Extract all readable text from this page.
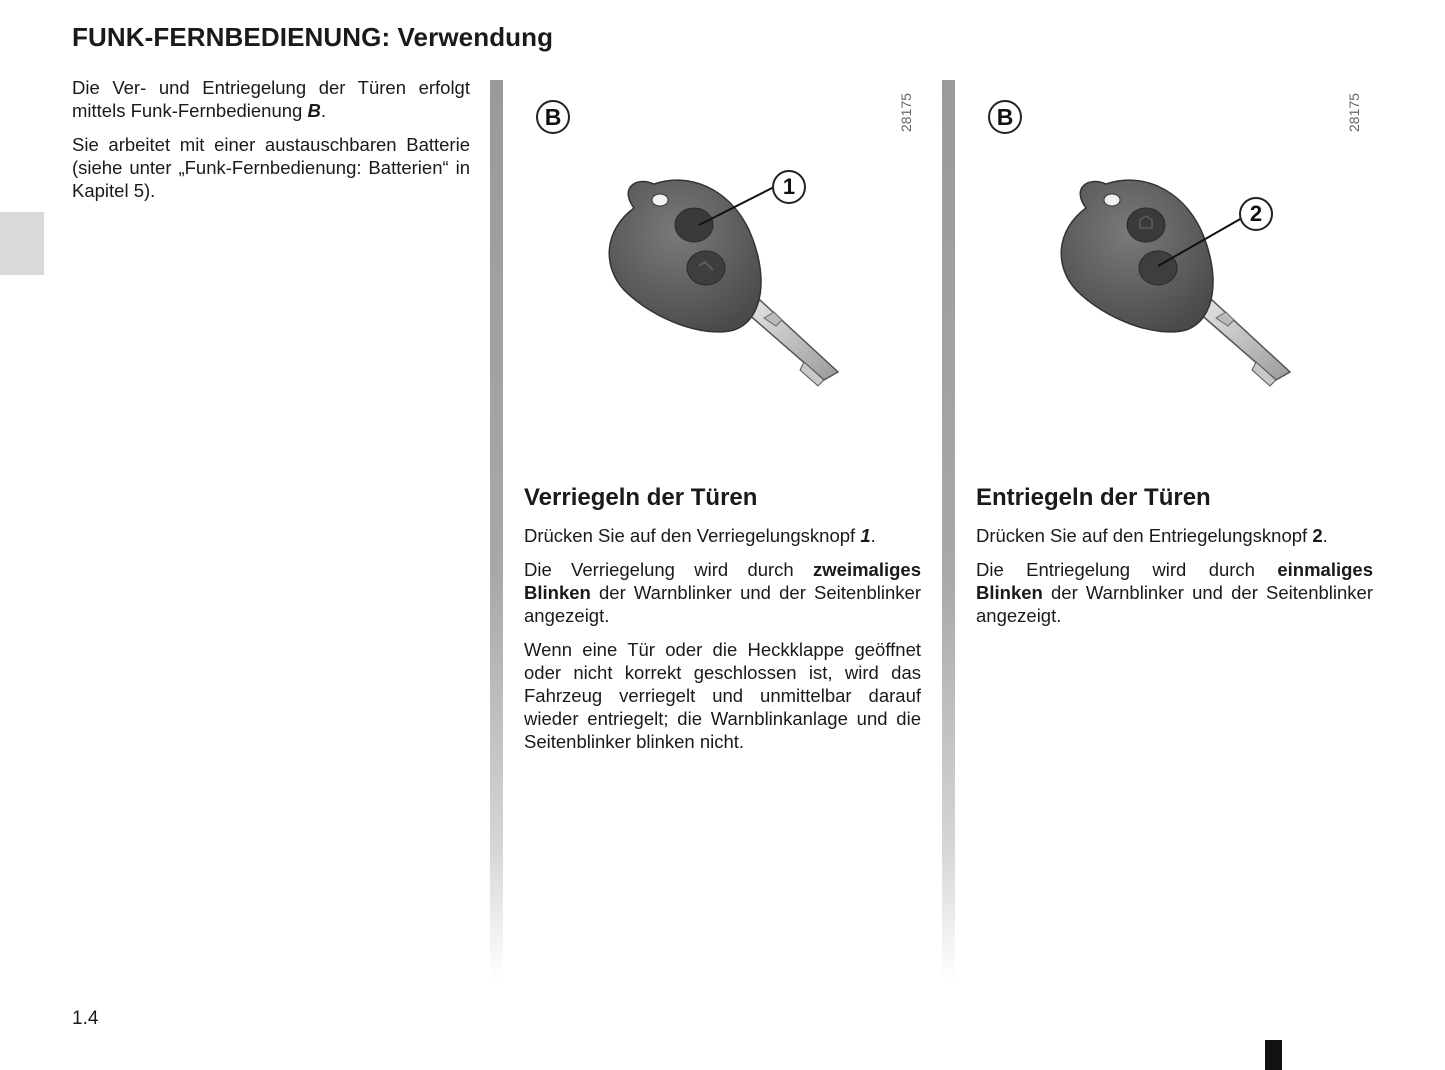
FUNK-FERNBEDIENUNG: Verwendung

Die Ver- und Entriegelung der Türen erfolgt mittels Funk-Fernbedienung B.

Sie arbeitet mit einer austauschbaren Batterie (siehe unter „Funk-Fernbedienung: Batterien“ in Kapitel 5).

B	28175
1
B	28175
2
Verriegeln der Türen

Drücken Sie auf den Verriegelungsknopf 1.

Die Verriegelung wird durch zweimaliges Blinken der Warnblinker und der Seitenblinker angezeigt.

Wenn eine Tür oder die Heckklappe geöffnet oder nicht korrekt geschlossen ist, wird das Fahrzeug verriegelt und unmittelbar darauf wieder entriegelt; die Warnblinkanlage und die Seitenblinker blinken nicht.

Entriegeln der Türen

Drücken Sie auf den Entriegelungsknopf 2.

Die Entriegelung wird durch einmaliges Blinken der Warnblinker und der Seitenblinker angezeigt.

1.4
